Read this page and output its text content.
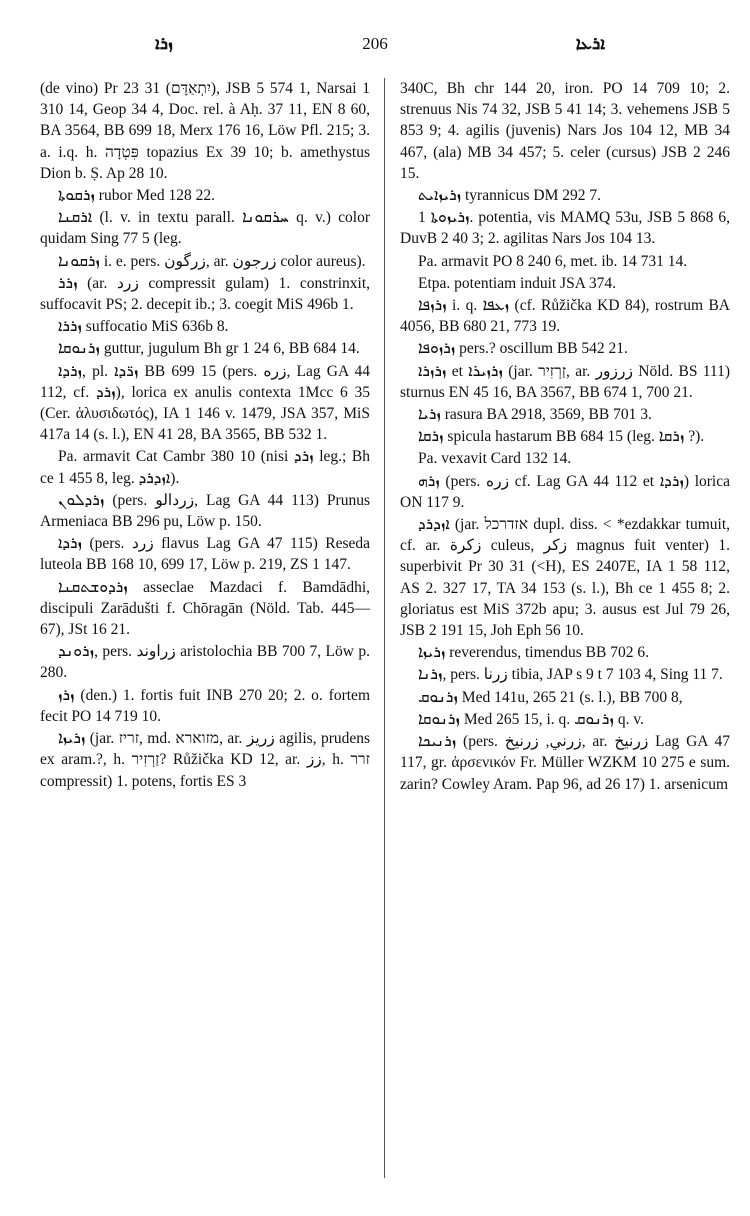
ܙܪܐ	206	ܐܪܥܐ

(de vino) Pr 23 31 (יִתְאַדָּם), JSB 5 574 1, Narsai 1 310 14, Geop 34 4, Doc. rel. à Aḥ. 37 11, EN 8 60, BA 3564, BB 699 18, Merx 176 16, Löw Pfl. 215; 3. a. i.q. h. פִּטְדָה topazius Ex 39 10; b. amethystus Dion b. Ṣ. Ap 28 10.

ܙܪܩܘܬܐ rubor Med 128 22.

ܐܪܩܢܐ (l. v. in textu parall. ܚܪܩܘܢܐ q. v.) color quidam Sing 77 5 (leg.

ܙܪܩܘܢܐ i. e. pers. زرگون, ar. زرجون color aureus).

ܙܪܪ (ar. زرد compressit gulam) 1. constrinxit, suffocavit PS; 2. decepit ib.; 3. coegit MiS 496b 1.

ܙܪܪܐ suffocatio MiS 636b 8.

ܙܪܢܘܩܐ guttur, jugulum Bh gr 1 24 6, BB 684 14.

ܙܪܕܐ, pl. ܙܪ̈ܕܐ BB 699 15 (pers. زره, Lag GA 44 112, cf. ܙܪܕ), lorica ex anulis contexta 1Mcc 6 35 (Cer. ἁλυσιδωτός), IA 1 146 v. 1479, JSA 357, MiS 417a 14 (s. l.), EN 41 28, BA 3565, BB 532 1.

Pa. armavit Cat Cambr 380 10 (nisi ܙܪܕ leg.; Bh ce 1 455 8, leg. ܐܙܕܪܕ).

ܙܪܕܠܘܢ (pers. زردالو, Lag GA 44 113) Prunus Armeniaca BB 296 pu, Löw p. 150.

ܙܪܕܐ (pers. زرد flavus Lag GA 47 115) Reseda luteola BB 168 10, 699 17, Löw p. 219, ZS 1 147.

ܙܪܕܘܫܬܩܢܐ asseclae Mazdaci f. Bamdādhi, discipuli Zarādušti f. Chōragān (Nöld. Tab. 445—67), JSt 16 21.

ܙܪܘܢܕ, pers. زراوند aristolochia BB 700 7, Löw p. 280.

ܙܪܙ (den.) 1. fortis fuit INB 270 20; 2. o. fortem fecit PO 14 719 10.

ܙܪܝܙܐ (jar. זריז, md. מזוארא, ar. زريز agilis, prudens ex aram.?, h. זַרְזִיר? Růžička KD 12, ar. زز, h. זרר compressit) 1. potens, fortis ES 3

340C, Bh chr 144 20, iron. PO 14 709 10; 2. strenuus Nis 74 32, JSB 5 41 14; 3. vehemens JSB 5 853 9; 4. agilis (juvenis) Nars Jos 104 12, MB 34 467, (ala) MB 34 457; 5. celer (cursus) JSB 2 246 15.

ܙܪܝܙܐܝܬ tyrannicus DM 292 7.

ܙܪܝܙܘܬܐ 1. potentia, vis MAMQ 53u, JSB 5 868 6, DuvB 2 40 3; 2. agilitas Nars Jos 104 13.

Pa. armavit PO 8 240 6, met. ib. 14 731 14.

Etpa. potentiam induit JSA 374.

ܙܪܙܦܐ i. q. ܙܥܦܐ (cf. Růžička KD 84), rostrum BA 4056, BB 680 21, 773 19.

ܙܪܙܘܦܐ pers.? oscillum BB 542 21.

ܙܪܙܪܐ et ܙܪܙܝܪܐ (jar. זַרְזִיר, ar. زرزور Nöld. BS 111) sturnus EN 45 16, BA 3567, BB 674 1, 700 21.

ܙܪܝܐ rasura BA 2918, 3569, BB 701 3.

ܙܪܩܐ spicula hastarum BB 684 15 (leg. ܙܪܩܐ ?).

Pa. vexavit Card 132 14.

ܙܪܗ (pers. زره cf. Lag GA 44 112 et ܙܪܕܐ) lorica ON 117 9.

ܐܙܕܪܕ (jar. אזדרכל dupl. diss. < *ezdakkar tumuit, cf. ar. زكرة culeus, زكر magnus fuit venter) 1. superbivit Pr 30 31 (<H), ES 2407E, IA 1 58 112, AS 2. 327 17, TA 34 153 (s. l.), Bh ce 1 455 8; 2. gloriatus est MiS 372b apu; 3. ausus est Jul 79 26, JSB 2 191 15, Joh Eph 56 10.

ܙܪܝܙܐ reverendus, timendus BB 702 6.

ܙܪܢܐ, pers. زرنا tibia, JAP s 9 t 7 103 4, Sing 11 7.

ܙܪܢܘܩ Med 141u, 265 21 (s. l.), BB 700 8,

ܙܪܢܘܩܐ Med 265 15, i. q. ܙܪܢܘܩ q. v.

ܙܪܢܝܟܐ (pers. زرني, زرنيخ, ar. زرنيخ Lag GA 47 117, gr. ἀρσενικόν Fr. Müller WZKM 10 275 e sum. zarin? Cowley Aram. Pap 96, ad 26 17) 1. arsenicum
